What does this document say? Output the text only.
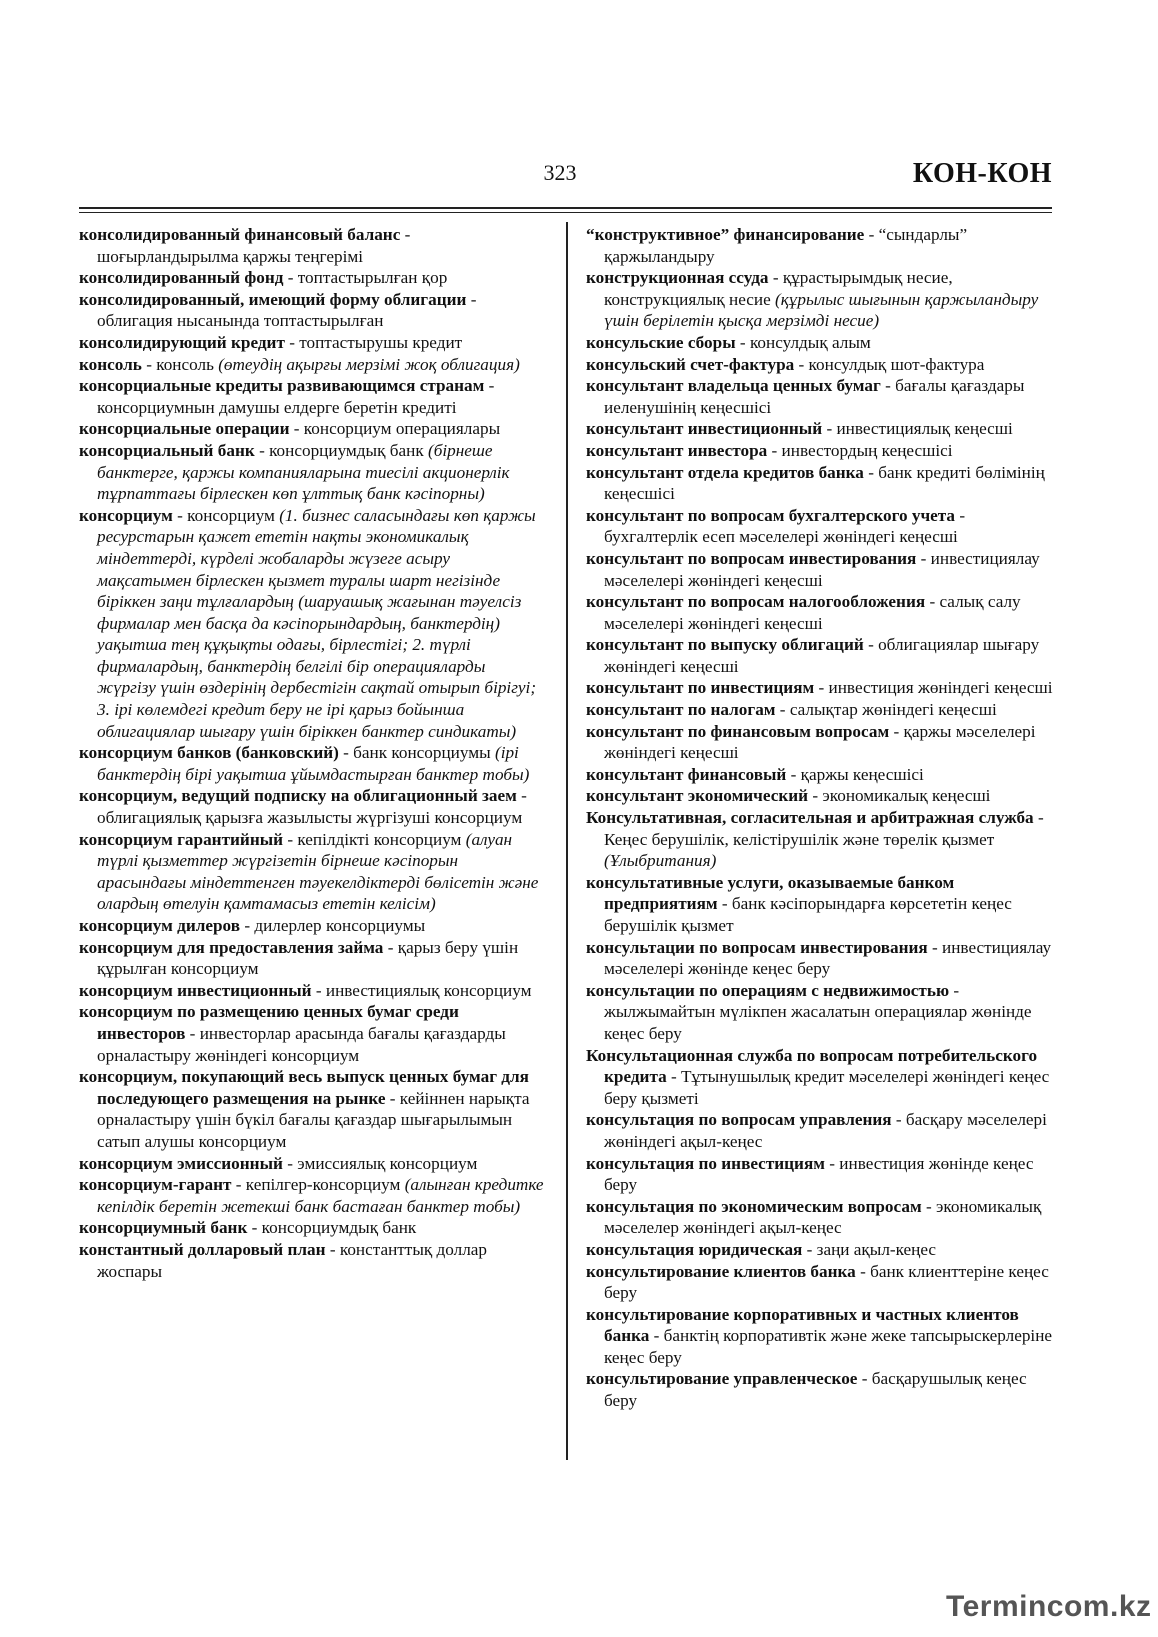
323	КОН-КОН
консолидированный финансовый баланс - шоғырландырылма қаржы теңгерімі
консолидированный фонд - топтастырылған қор
консолидированный, имеющий форму облигации - облигация нысанында топтастырылған
консолидирующий кредит - топтастырушы кредит
консоль - консоль (өтеудің ақырғы мерзімі жоқ облигация)
консорциальные кредиты развивающимся странам - консорциумнын дамушы елдерге беретін кредиті
консорциальные операции - консорциум операциялары
консорциальный банк - консорциумдық банк (бірнеше банктерге, қаржы компанияларына тиесілі акционерлік тұрпаттағы бірлескен көп ұлттық банк кәсіпорны)
консорциум - консорциум (1. бизнес саласындағы көп қаржы ресурстарын қажет ететін нақты экономикалық міндеттерді, күрделі жобаларды жүзеге асыру мақсатымен бірлескен қызмет туралы шарт негізінде біріккен заңи тұлғалардың (шаруашық жағынан тәуелсіз фирмалар мен басқа да кәсіпорындардың, банктердің) уақытша тең құқықты одағы, бірлестігі; 2. түрлі фирмалардың, банктердің белгілі бір операцияларды жүргізу үшін өздерінің дербестігін сақтай отырып бірігуі; 3. ірі көлемдегі кредит беру не ірі қарыз бойынша облигациялар шығару үшін біріккен банктер синдикаты)
консорциум банков (банковский) - банк консорциумы (ірі банктердің бірі уақытша ұйымдастырған банктер тобы)
консорциум, ведущий подписку на облигационный заем - облигациялық қарызға жазылысты жүргізуші консорциум
консорциум гарантийный - кепілдікті консорциум (алуан түрлі қызметтер жүргізетін бірнеше кәсіпорын арасындағы міндеттенген тәуекелдіктерді бөлісетін және олардың өтелуін қамтамасыз ететін келісім)
консорциум дилеров - дилерлер консорциумы
консорциум для предоставления займа - қарыз беру үшін құрылған консорциум
консорциум инвестиционный - инвестициялық консорциум
консорциум по размещению ценных бумаг среди инвесторов - инвесторлар арасында бағалы қағаздарды орналастыру жөніндегі консорциум
консорциум, покупающий весь выпуск ценных бумаг для последующего размещения на рынке - кейіннен нарықта орналастыру үшін бүкіл бағалы қағаздар шығарылымын сатып алушы консорциум
консорциум эмиссионный - эмиссиялық консорциум
консорциум-гарант - кепілгер-консорциум (алынған кредитке кепілдік беретін жетекші банк бастаған банктер тобы)
консорциумный банк - консорциумдық банк
константный долларовый план - константтық доллар жоспары
“конструктивное” финансирование - “сындарлы” қаржыландыру
конструкционная ссуда - құрастырымдық несие, конструкциялық несие (құрылыс шығынын қаржыландыру үшін берілетін қысқа мерзімді несие)
консульские сборы - консулдық алым
консульский счет-фактура - консулдық шот-фактура
консультант владельца ценных бумаг - бағалы қағаздары иеленушінің кеңесшісі
консультант инвестиционный - инвестициялық кеңесші
консультант инвестора - инвестордың кеңесшісі
консультант отдела кредитов банка - банк кредиті бөлімінің кеңесшісі
консультант по вопросам бухгалтерского учета - бухгалтерлік есеп мәселелері жөніндегі кеңесші
консультант по вопросам инвестирования - инвестициялау мәселелері жөніндегі кеңесші
консультант по вопросам налогообложения - салық салу мәселелері жөніндегі кеңесші
консультант по выпуску облигаций - облигациялар шығару жөніндегі кеңесші
консультант по инвестициям - инвестиция жөніндегі кеңесші
консультант по налогам - салықтар жөніндегі кеңесші
консультант по финансовым вопросам - қаржы мәселелері жөніндегі кеңесші
консультант финансовый - қаржы кеңесшісі
консультант экономический - экономикалық кеңесші
Консультативная, согласительная и арбитражная служба - Кеңес берушілік, келістірушілік және төрелік қызмет (Ұлыбритания)
консультативные услуги, оказываемые банком предприятиям - банк кәсіпорындарға көрсететін кеңес берушілік қызмет
консультации по вопросам инвестирования - инвестициялау мәселелері жөнінде кеңес беру
консультации по операциям с недвижимостью - жылжымайтын мүлікпен жасалатын операциялар жөнінде кеңес беру
Консультационная служба по вопросам потребительского кредита - Тұтынушылық кредит мәселелері жөніндегі кеңес беру қызметі
консультация по вопросам управления - басқару мәселелері жөніндегі ақыл-кеңес
консультация по инвестициям - инвестиция жөнінде кеңес беру
консультация по экономическим вопросам - экономикалық мәселелер жөніндегі ақыл-кеңес
консультация юридическая - заңи ақыл-кеңес
консультирование клиентов банка - банк клиенттеріне кеңес беру
консультирование корпоративных и частных клиентов банка - банктің корпоративтік және жеке тапсырыскерлеріне кеңес беру
консультирование управленческое - басқарушылық кеңес беру
Termincom.kz
